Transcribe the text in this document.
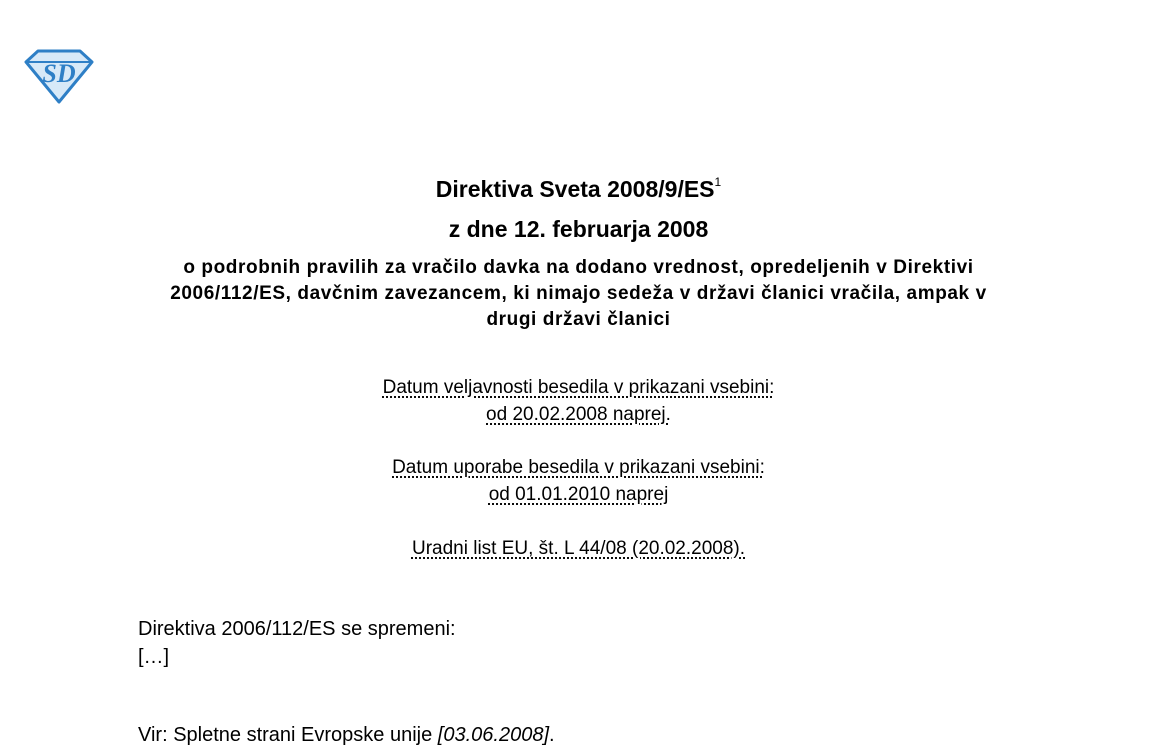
SD
Direktiva Sveta $2008/9/ES^1$
z dne 12. februarja 2008
o podrobnih pravilih za vračilo davka na dodano vrednost, opredeljenih v Direktivi 2006/112/ES, davčnim zavezancem, ki nimajo sedeža v državi članici vračila, ampak v drugi državi članici
Datum veljavnosti besedila v prikazani vsebini:
od 20.02.2008 naprej.
Datum uporabe besedila v prikazani vsebini:
od 01.01.2010 naprej
Uradni list EU, št. L 44/08 (20.02.2008).
Direktiva 2006/112/ES se spremeni:
[…]
Vir: Spletne strani Evropske unije [03.06.2008].
